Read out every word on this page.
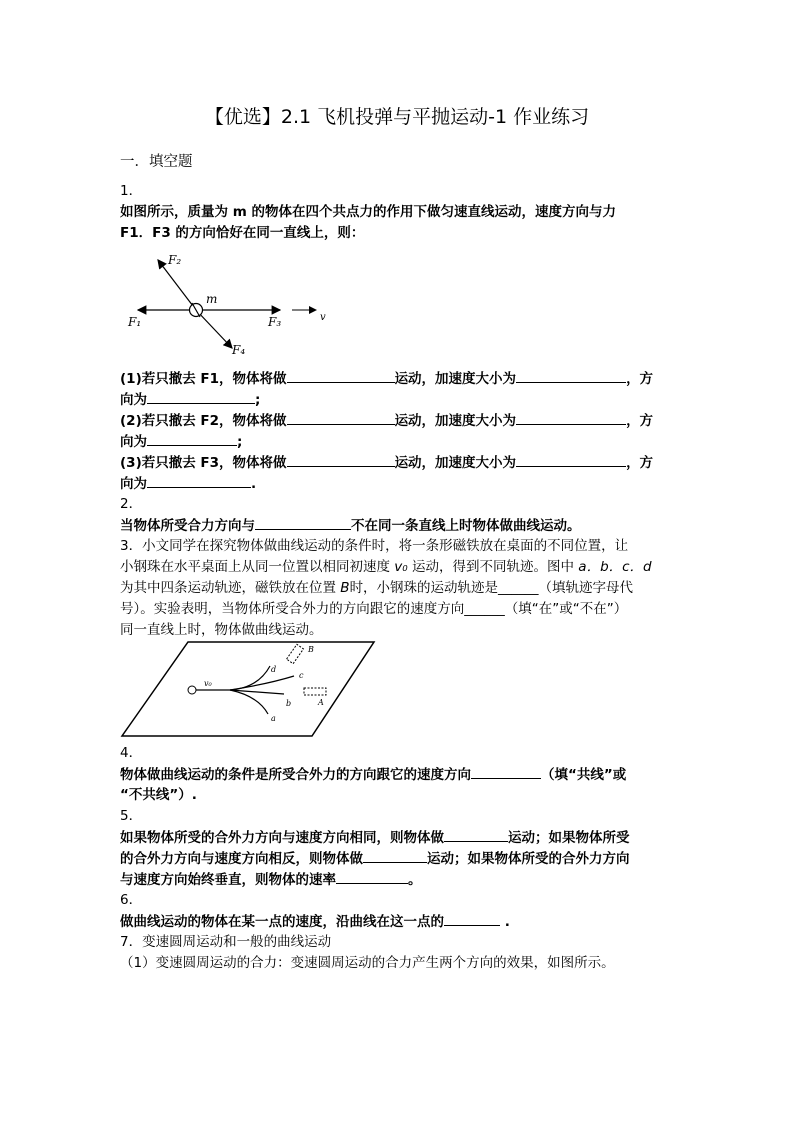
【优选】2.1 飞机投弹与平抛运动-1 作业练习
一．填空题
1．
如图所示，质量为 m 的物体在四个共点力的作用下做匀速直线运动，速度方向与力
F1．F3 的方向恰好在同一直线上，则：
F₁
F₂
F₃
F₄
m
v
(1)若只撤去 F1，物体将做	运动，加速度大小为	，方
向为	;
(2)若只撤去 F2，物体将做	运动，加速度大小为	，方
向为	;
(3)若只撤去 F3，物体将做	运动，加速度大小为	，方
向为	.
2．
当物体所受合力方向与	不在同一条直线上时物体做曲线运动。
3．小文同学在探究物体做曲线运动的条件时，将一条形磁铁放在桌面的不同位置，让
小钢珠在水平桌面上从同一位置以相同初速度 v₀ 运动，得到不同轨迹。图中 a．b．c．d
为其中四条运动轨迹，磁铁放在位置 B时，小钢珠的运动轨迹是______（填轨迹字母代
号）。实验表明，当物体所受合外力的方向跟它的速度方向______（填“在”或“不在”）
同一直线上时，物体做曲线运动。
v₀
a
b
c
d
A
B
4．
物体做曲线运动的条件是所受合外力的方向跟它的速度方向	（填“共线”或
“不共线”）.
5．
如果物体所受的合外力方向与速度方向相同，则物体做	运动；如果物体所受
的合外力方向与速度方向相反，则物体做	运动；如果物体所受的合外力方向
与速度方向始终垂直，则物体的速率	。
6．
做曲线运动的物体在某一点的速度，沿曲线在这一点的	.
7．变速圆周运动和一般的曲线运动
（1）变速圆周运动的合力：变速圆周运动的合力产生两个方向的效果，如图所示。
